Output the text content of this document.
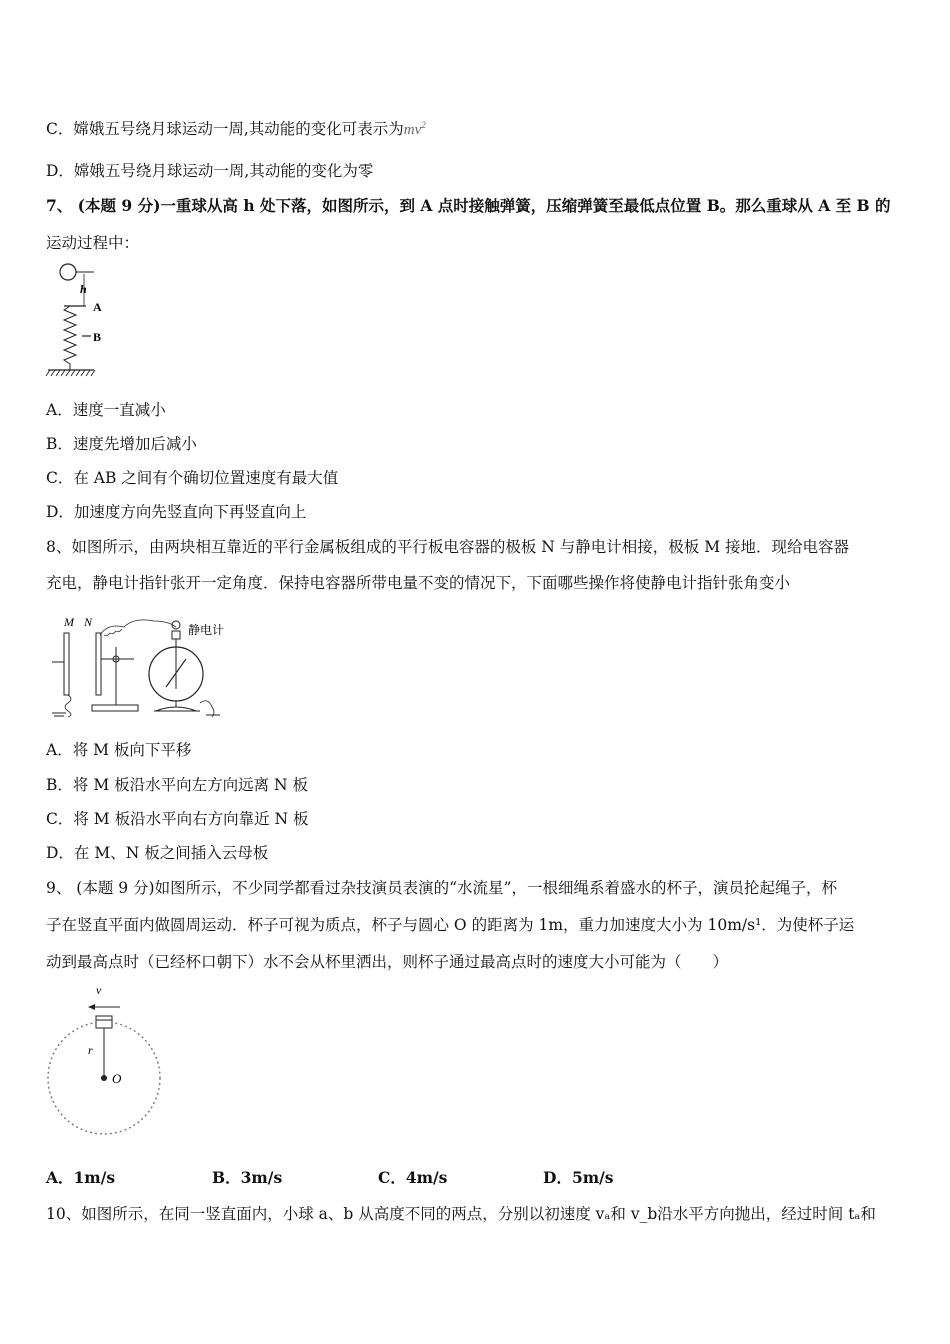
C．嫦娥五号绕月球运动一周,其动能的变化可表示为$mv^2$
D．嫦娥五号绕月球运动一周,其动能的变化为零
7、 (本题 9 分)一重球从高 h 处下落，如图所示，到 A 点时接触弹簧，压缩弹簧至最低点位置 B。那么重球从 A 至 B 的
运动过程中：
h
A
B
A．速度一直减小
B．速度先增加后减小
C．在 AB 之间有个确切位置速度有最大值
D．加速度方向先竖直向下再竖直向上
8、如图所示，由两块相互靠近的平行金属板组成的平行板电容器的极板 N 与静电计相接，极板 M 接地．现给电容器
充电，静电计指针张开一定角度．保持电容器所带电量不变的情况下，下面哪些操作将使静电计指针张角变小
M N
静电计
A．将 M 板向下平移
B．将 M 板沿水平向左方向远离 N 板
C．将 M 板沿水平向右方向靠近 N 板
D．在 M、N 板之间插入云母板
9、 (本题 9 分)如图所示，不少同学都看过杂技演员表演的“水流星”，一根细绳系着盛水的杯子，演员抡起绳子，杯
子在竖直平面内做圆周运动．杯子可视为质点，杯子与圆心 O 的距离为 1m，重力加速度大小为 10m/s¹．为使杯子运
动到最高点时（已经杯口朝下）水不会从杯里洒出，则杯子通过最高点时的速度大小可能为（　　）
v
r
O
A．1m/s	B．3m/s	C．4m/s	D．5m/s
10、如图所示，在同一竖直面内，小球 a、b 从高度不同的两点，分别以初速度 vₐ和 v_b沿水平方向抛出，经过时间 tₐ和
